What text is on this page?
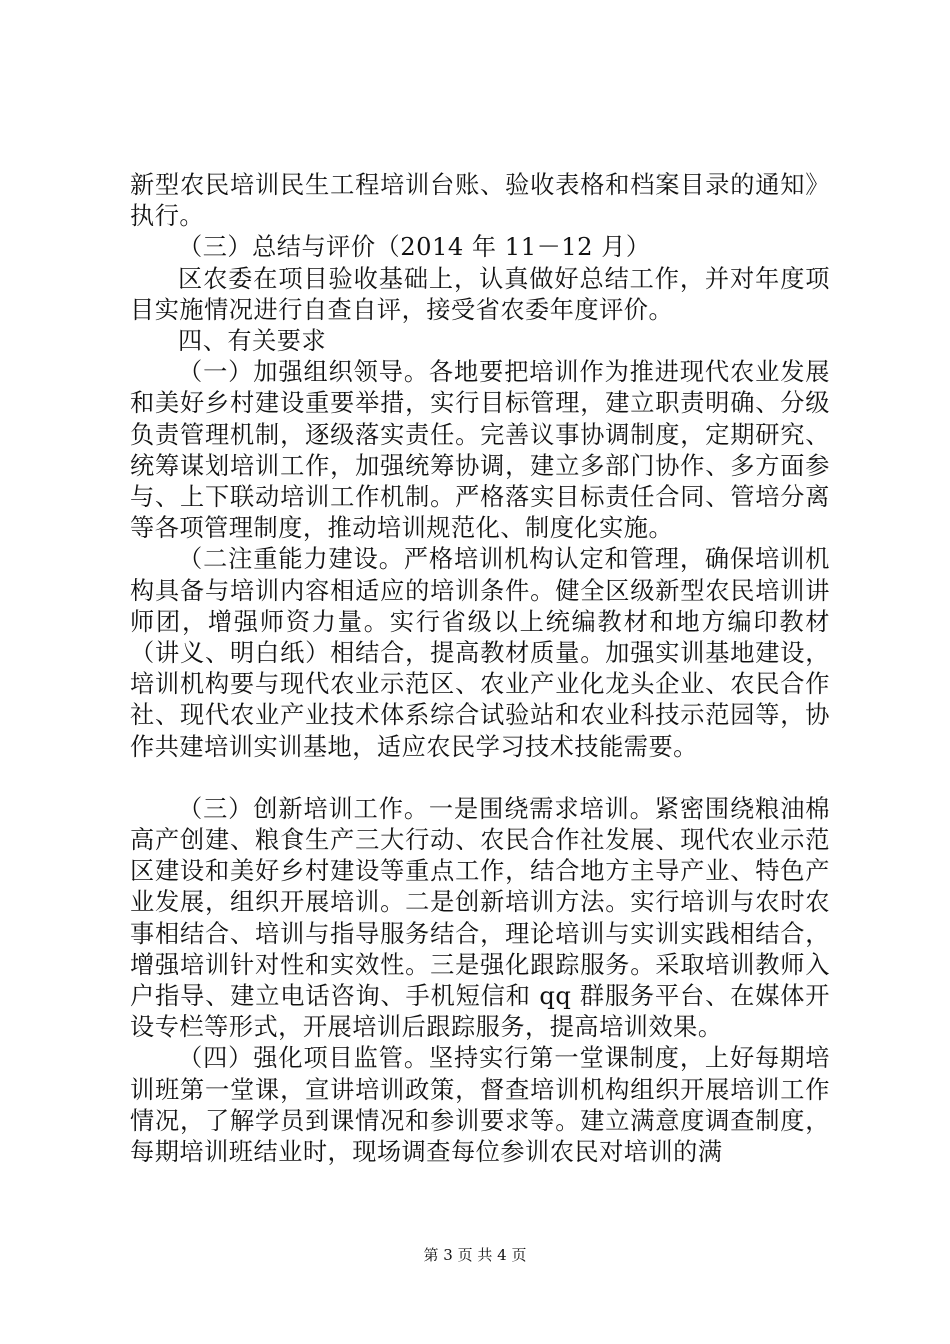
新型农民培训民生工程培训台账、验收表格和档案目录的通知》执行。

（三）总结与评价（2014 年 11－12 月）

区农委在项目验收基础上，认真做好总结工作，并对年度项目实施情况进行自查自评，接受省农委年度评价。

四、有关要求

（一）加强组织领导。各地要把培训作为推进现代农业发展和美好乡村建设重要举措，实行目标管理，建立职责明确、分级负责管理机制，逐级落实责任。完善议事协调制度，定期研究、统筹谋划培训工作，加强统筹协调，建立多部门协作、多方面参与、上下联动培训工作机制。严格落实目标责任合同、管培分离等各项管理制度，推动培训规范化、制度化实施。

（二注重能力建设。严格培训机构认定和管理，确保培训机构具备与培训内容相适应的培训条件。健全区级新型农民培训讲师团，增强师资力量。实行省级以上统编教材和地方编印教材（讲义、明白纸）相结合，提高教材质量。加强实训基地建设，培训机构要与现代农业示范区、农业产业化龙头企业、农民合作社、现代农业产业技术体系综合试验站和农业科技示范园等，协作共建培训实训基地，适应农民学习技术技能需要。

（三）创新培训工作。一是围绕需求培训。紧密围绕粮油棉高产创建、粮食生产三大行动、农民合作社发展、现代农业示范区建设和美好乡村建设等重点工作，结合地方主导产业、特色产业发展，组织开展培训。二是创新培训方法。实行培训与农时农事相结合、培训与指导服务结合，理论培训与实训实践相结合，增强培训针对性和实效性。三是强化跟踪服务。采取培训教师入户指导、建立电话咨询、手机短信和 qq 群服务平台、在媒体开设专栏等形式，开展培训后跟踪服务，提高培训效果。

（四）强化项目监管。坚持实行第一堂课制度，上好每期培训班第一堂课，宣讲培训政策，督查培训机构组织开展培训工作情况，了解学员到课情况和参训要求等。建立满意度调查制度，每期培训班结业时，现场调查每位参训农民对培训的满

第 3 页 共 4 页
